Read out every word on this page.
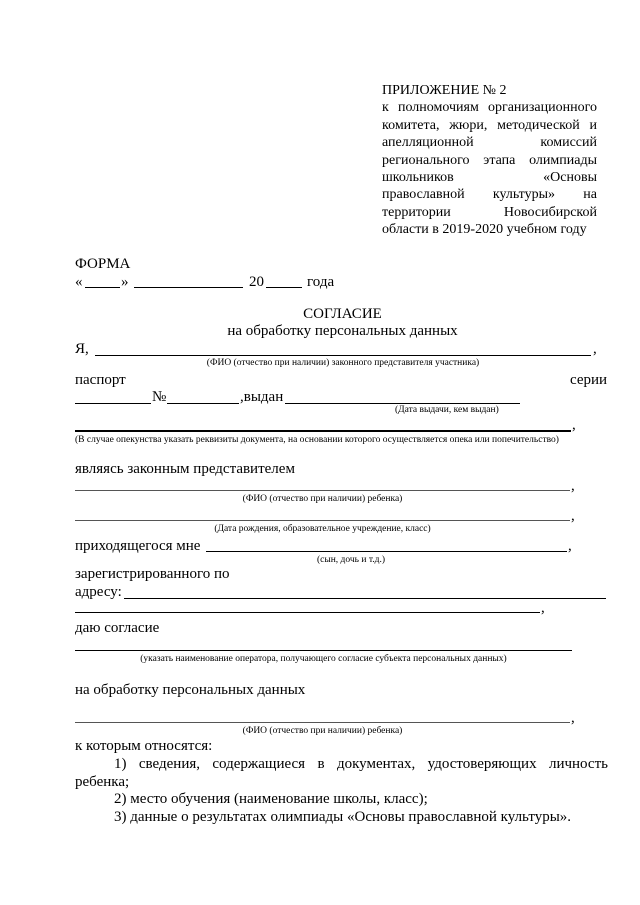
ПРИЛОЖЕНИЕ № 2
к полномочиям организационного
комитета, жюри, методической и
апелляционной комиссий
регионального этапа олимпиады
школьников «Основы
православной культуры» на
территории Новосибирской
области в 2019-2020 учебном году
ФОРМА
«	»	20	года
СОГЛАСИЕ
на обработку персональных данных
Я,	,
(ФИО (отчество при наличии) законного представителя участника)
паспорт	серии
№	,выдан
(Дата выдачи, кем выдан)
,
(В случае опекунства указать реквизиты документа, на основании которого осуществляется опека или попечительство)
являясь законным представителем
,
(ФИО (отчество при наличии) ребенка)
,
(Дата рождения, образовательное учреждение, класс)
приходящегося мне	,
(сын, дочь и т.д.)
зарегистрированного по
адресу:
,
даю согласие
(указать наименование оператора, получающего согласие субъекта персональных данных)
на обработку персональных данных
,
(ФИО (отчество при наличии) ребенка)
к которым относятся:
1) сведения, содержащиеся в документах, удостоверяющих личность
ребенка;
2) место обучения (наименование школы, класс);
3) данные о результатах олимпиады «Основы православной культуры».
